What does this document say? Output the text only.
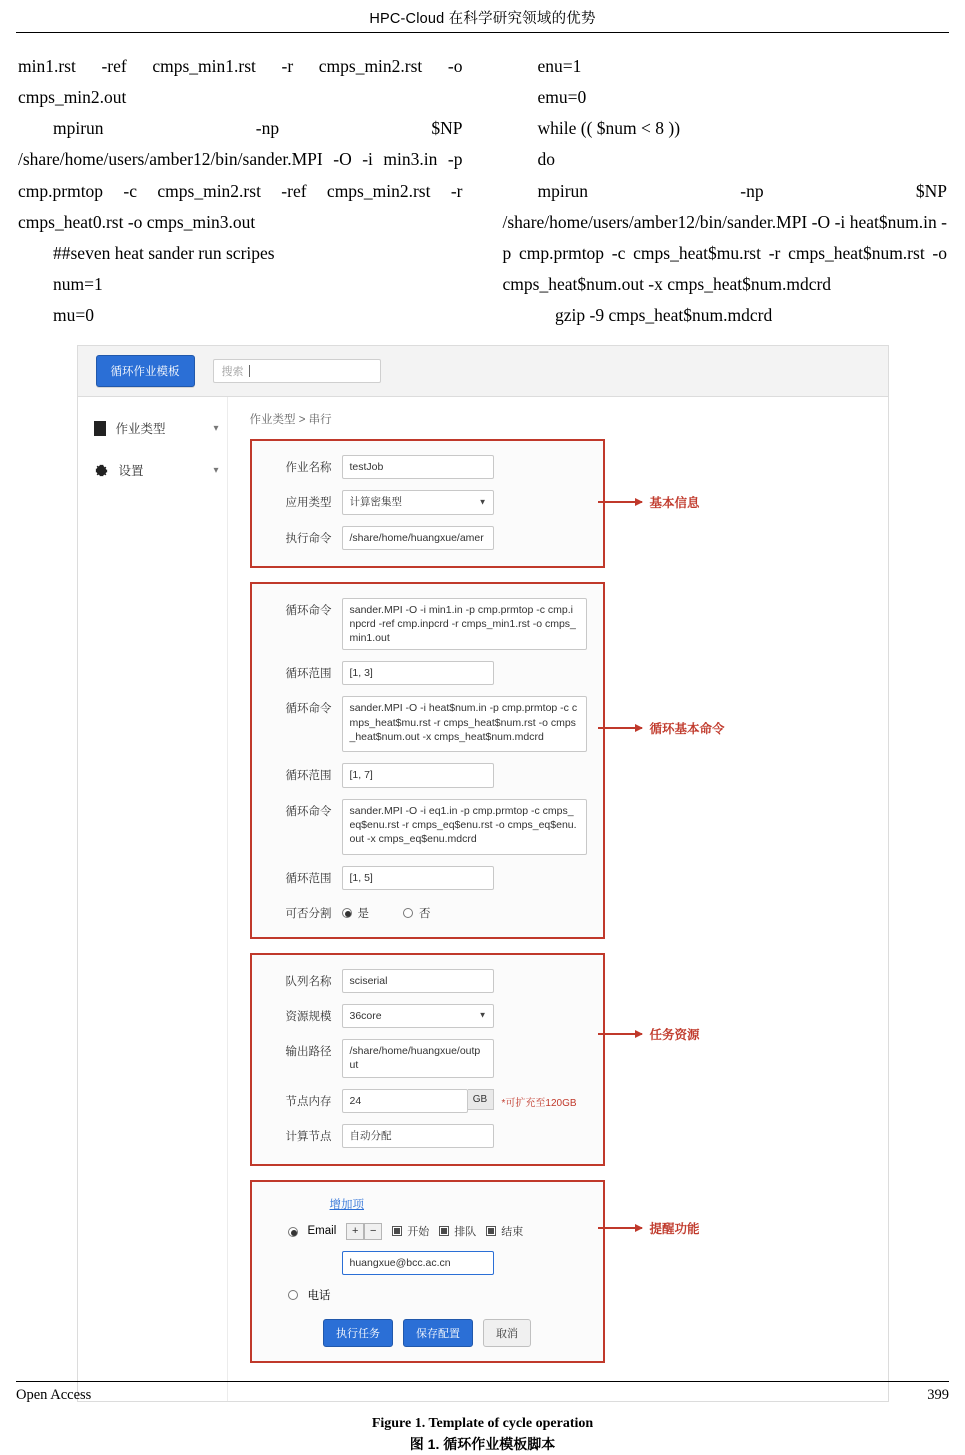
HPC-Cloud 在科学研究领域的优势

min1.rst -ref cmps_min1.rst -r cmps_min2.rst -o cmps_min2.out

mpirun -np $NP /share/home/users/amber12/bin/sander.MPI -O -i min3.in -p cmp.prmtop -c cmps_min2.rst -ref cmps_min2.rst -r cmps_heat0.rst -o cmps_min3.out

##seven heat sander run scripes

num=1

mu=0

enu=1

emu=0

while (( $num < 8 ))

do

mpirun -np $NP /share/home/users/amber12/bin/sander.MPI -O -i heat$num.in -p cmp.prmtop -c cmps_heat$mu.rst -r cmps_heat$num.rst -o cmps_heat$num.out -x cmps_heat$num.mdcrd

gzip -9 cmps_heat$num.mdcrd

循环作业模板	搜索
作业类型	▾
设置	▾
作业类型 > 串行
作业名称	testJob
应用类型	计算密集型	▼
执行命令	/share/home/huangxue/amer
循环命令	sander.MPI -O -i min1.in -p cmp.prmtop -c cmp.inpcrd -ref cmp.inpcrd -r cmps_min1.rst -o cmps_min1.out
循环范围	[1, 3]
循环命令	sander.MPI -O -i heat$num.in -p cmp.prmtop -c cmps_heat$mu.rst -r cmps_heat$num.rst -o cmps_heat$num.out -x cmps_heat$num.mdcrd
循环范围	[1, 7]
循环命令	sander.MPI -O -i eq1.in -p cmp.prmtop -c cmps_eq$enu.rst -r cmps_eq$enu.rst -o cmps_eq$enu.out -x cmps_eq$enu.mdcrd
循环范围	[1, 5]
可否分割	是	否
队列名称	sciserial
资源规模	36core	▼
输出路径	/share/home/huangxue/output
节点内存	24	GB	*可扩充至120GB
计算节点	自动分配
增加项
Email	+	−	开始 排队 结束
huangxue@bcc.ac.cn
电话
执行任务	保存配置	取消
基本信息
循环基本命令
任务资源
提醒功能
Figure 1. Template of cycle operation
图 1. 循环作业模板脚本
Open Access	399
